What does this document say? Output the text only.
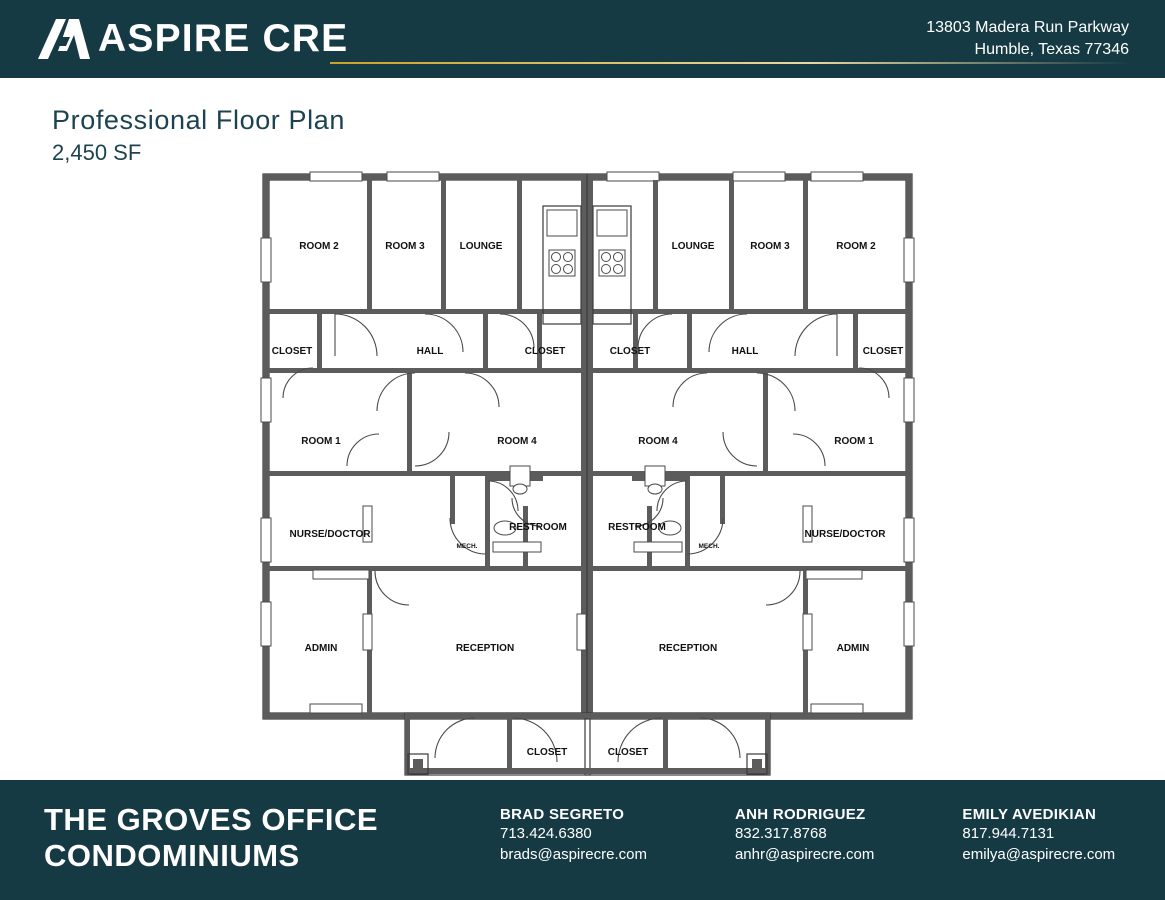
ASPIRE CRE	13803 Madera Run Parkway
Humble, Texas 77346
Professional Floor Plan
2,450 SF
ROOM 2	ROOM 3	LOUNGE	LOUNGE	ROOM 3	ROOM 2
CLOSET	HALL	CLOSET	CLOSET	HALL	CLOSET
ROOM 1	ROOM 4	ROOM 4	ROOM 1
NURSE/DOCTOR	NURSE/DOCTOR
RESTROOM	RESTROOM
MECH.	MECH.
ADMIN	RECEPTION	RECEPTION	ADMIN
CLOSET	CLOSET
THE GROVES OFFICE
CONDOMINIUMS
BRAD SEGRETO
713.424.6380
brads@aspirecre.com
ANH RODRIGUEZ
832.317.8768
anhr@aspirecre.com
EMILY AVEDIKIAN
817.944.7131
emilya@aspirecre.com
